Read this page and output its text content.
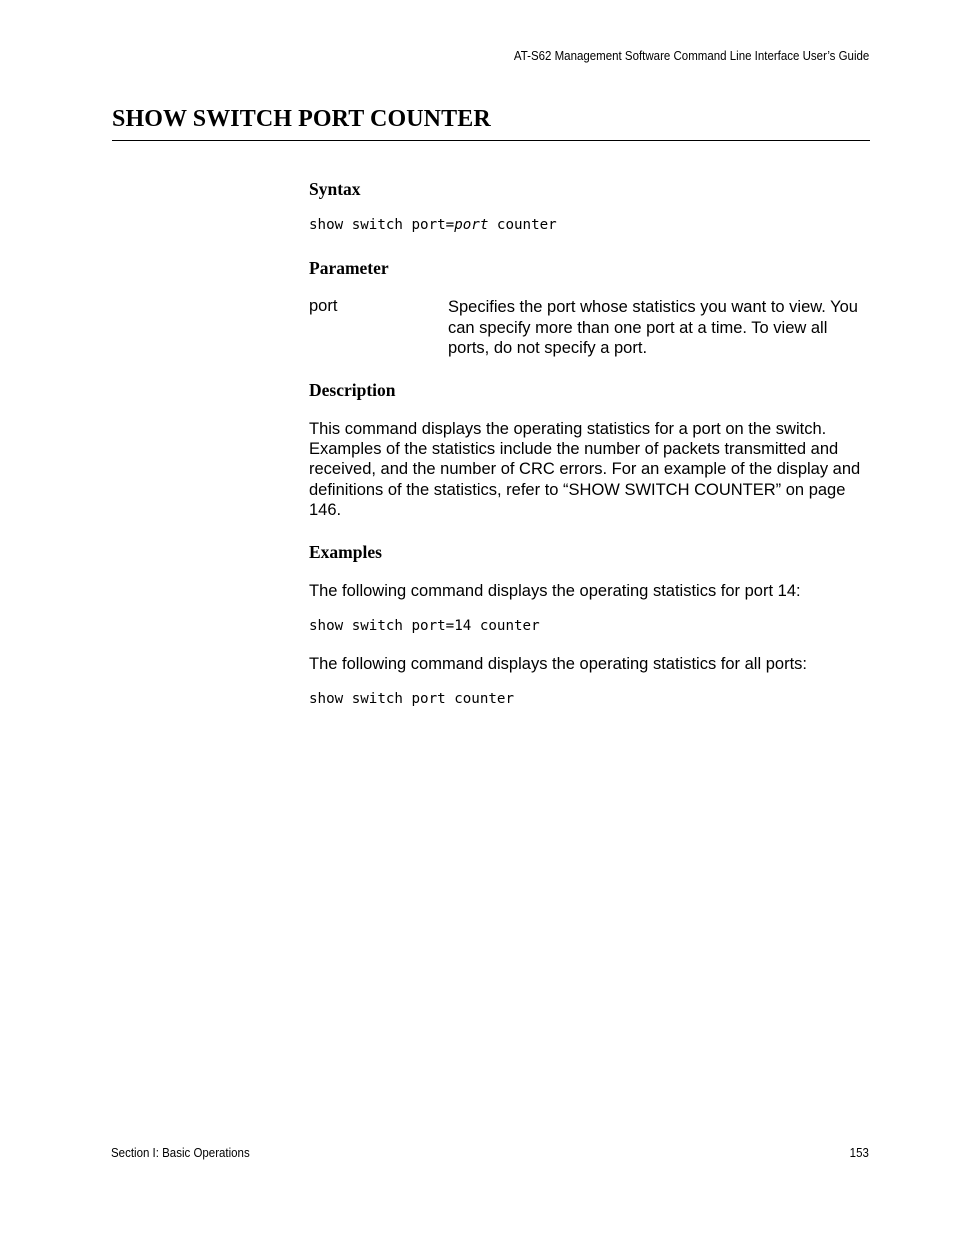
AT-S62 Management Software Command Line Interface User’s Guide
SHOW SWITCH PORT COUNTER
Syntax
show switch port=port counter
Parameter
port	Specifies the port whose statistics you want to view. You can specify more than one port at a time. To view all ports, do not specify a port.

Description

This command displays the operating statistics for a port on the switch. Examples of the statistics include the number of packets transmitted and received, and the number of CRC errors. For an example of the display and definitions of the statistics, refer to “SHOW SWITCH COUNTER” on page 146.

Examples

The following command displays the operating statistics for port 14:

show switch port=14 counter

The following command displays the operating statistics for all ports:

show switch port counter
Section I: Basic Operations	153
